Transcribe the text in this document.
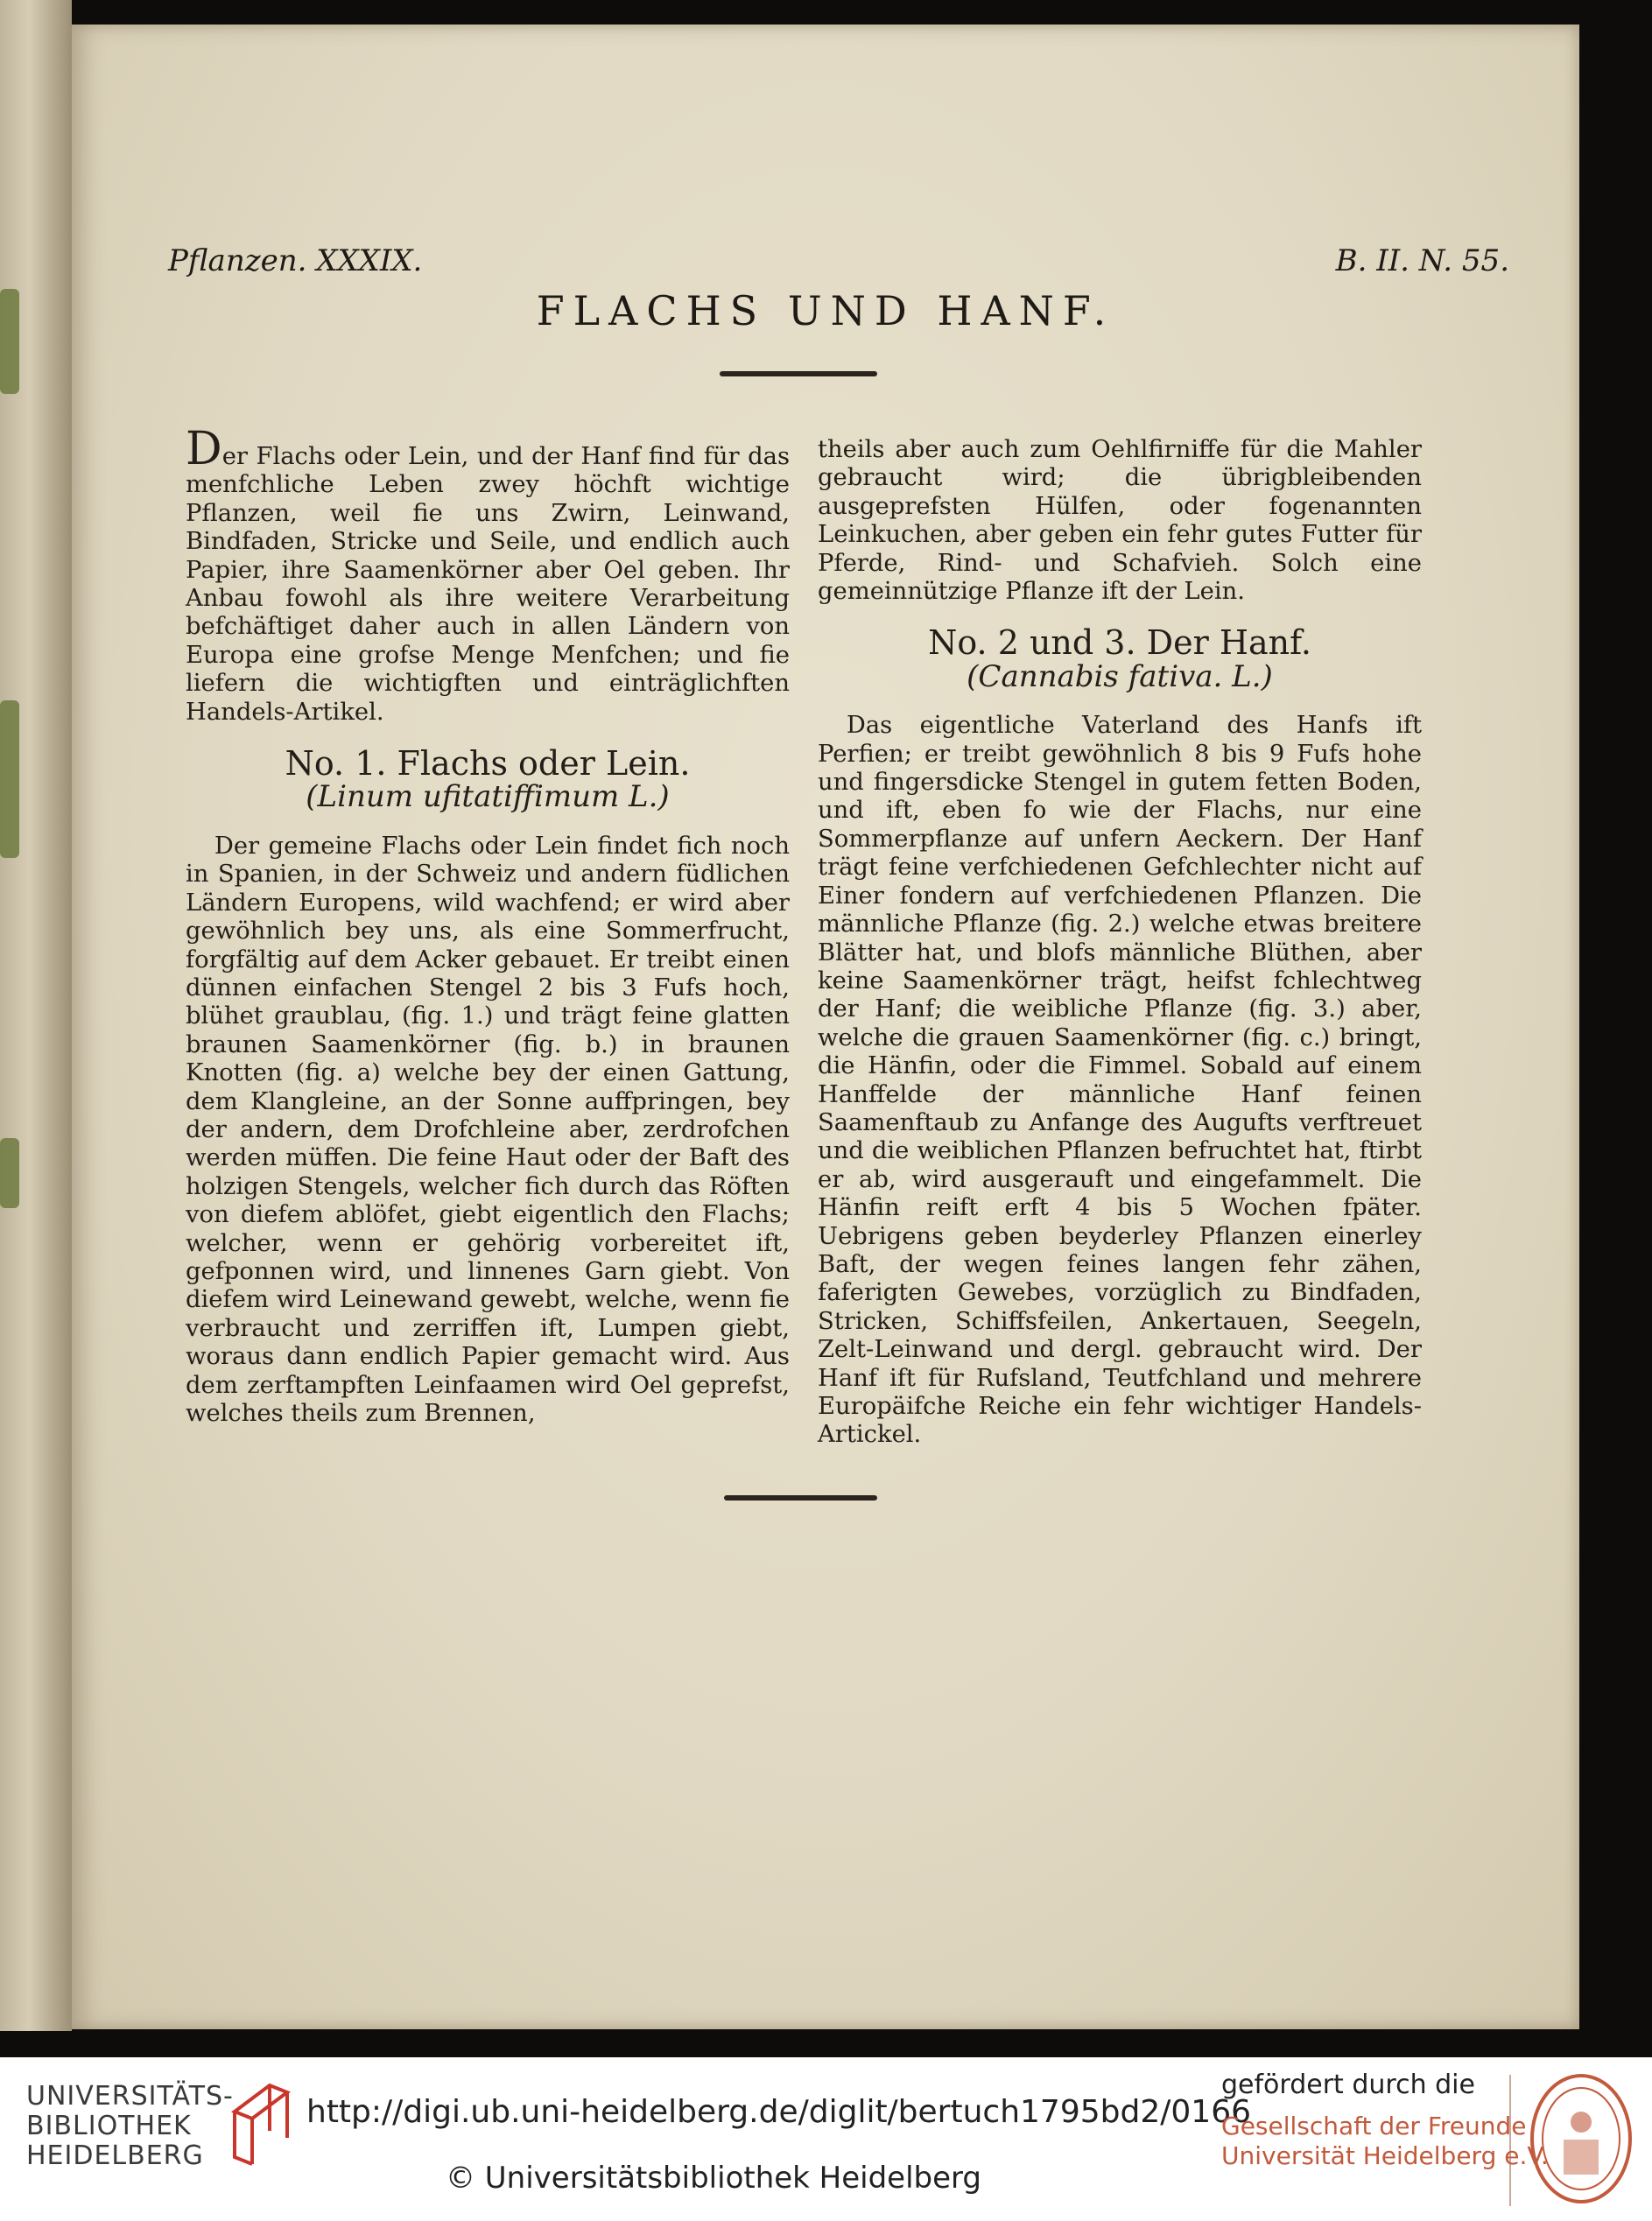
Pflanzen. XXXIX.	B. II. N. 55.
FLACHS UND HANF.

Der Flachs oder Lein, und der Hanf find für das menfchliche Leben zwey höchft wichtige Pflanzen, weil fie uns Zwirn, Leinwand, Bindfaden, Stricke und Seile, und endlich auch Papier, ihre Saamenkörner aber Oel geben. Ihr Anbau fowohl als ihre weitere Verarbeitung befchäftiget daher auch in allen Ländern von Europa eine grofse Menge Menfchen; und fie liefern die wichtigften und einträglichften Handels-Artikel.

No. 1. Flachs oder Lein.
(Linum ufitatiffimum L.)

Der gemeine Flachs oder Lein findet fich noch in Spanien, in der Schweiz und andern füdlichen Ländern Europens, wild wachfend; er wird aber gewöhnlich bey uns, als eine Sommerfrucht, forgfältig auf dem Acker gebauet. Er treibt einen dünnen einfachen Stengel 2 bis 3 Fufs hoch, blühet graublau, (fig. 1.) und trägt feine glatten braunen Saamenkörner (fig. b.) in braunen Knotten (fig. a) welche bey der einen Gattung, dem Klangleine, an der Sonne auffpringen, bey der andern, dem Drofchleine aber, zerdrofchen werden müffen. Die feine Haut oder der Baft des holzigen Stengels, welcher fich durch das Röften von diefem ablöfet, giebt eigentlich den Flachs; welcher, wenn er gehörig vorbereitet ift, gefponnen wird, und linnenes Garn giebt. Von diefem wird Leinewand gewebt, welche, wenn fie verbraucht und zerriffen ift, Lumpen giebt, woraus dann endlich Papier gemacht wird. Aus dem zerftampften Leinfaamen wird Oel geprefst, welches theils zum Brennen,

theils aber auch zum Oehlfirniffe für die Mahler gebraucht wird; die übrigbleibenden ausgeprefsten Hülfen, oder fogenannten Leinkuchen, aber geben ein fehr gutes Futter für Pferde, Rind- und Schafvieh. Solch eine gemeinnützige Pflanze ift der Lein.

No. 2 und 3. Der Hanf.
(Cannabis fativa. L.)

Das eigentliche Vaterland des Hanfs ift Perfien; er treibt gewöhnlich 8 bis 9 Fufs hohe und fingersdicke Stengel in gutem fetten Boden, und ift, eben fo wie der Flachs, nur eine Sommerpflanze auf unfern Aeckern. Der Hanf trägt feine verfchiedenen Gefchlechter nicht auf Einer fondern auf verfchiedenen Pflanzen. Die männliche Pflanze (fig. 2.) welche etwas breitere Blätter hat, und blofs männliche Blüthen, aber keine Saamenkörner trägt, heifst fchlechtweg der Hanf; die weibliche Pflanze (fig. 3.) aber, welche die grauen Saamenkörner (fig. c.) bringt, die Hänfin, oder die Fimmel. Sobald auf einem Hanffelde der männliche Hanf feinen Saamenftaub zu Anfange des Augufts verftreuet und die weiblichen Pflanzen befruchtet hat, ftirbt er ab, wird ausgerauft und eingefammelt. Die Hänfin reift erft 4 bis 5 Wochen fpäter. Uebrigens geben beyderley Pflanzen einerley Baft, der wegen feines langen fehr zähen, faferigten Gewebes, vorzüglich zu Bindfaden, Stricken, Schiffsfeilen, Ankertauen, Seegeln, Zelt-Leinwand und dergl. gebraucht wird. Der Hanf ift für Rufsland, Teutfchland und mehrere Europäifche Reiche ein fehr wichtiger Handels-Artickel.

UNIVERSITÄTS-
BIBLIOTHEK
HEIDELBERG
http://digi.ub.uni-heidelberg.de/diglit/bertuch1795bd2/0166
© Universitätsbibliothek Heidelberg
gefördert durch die
Gesellschaft der Freunde
Universität Heidelberg e.V.
